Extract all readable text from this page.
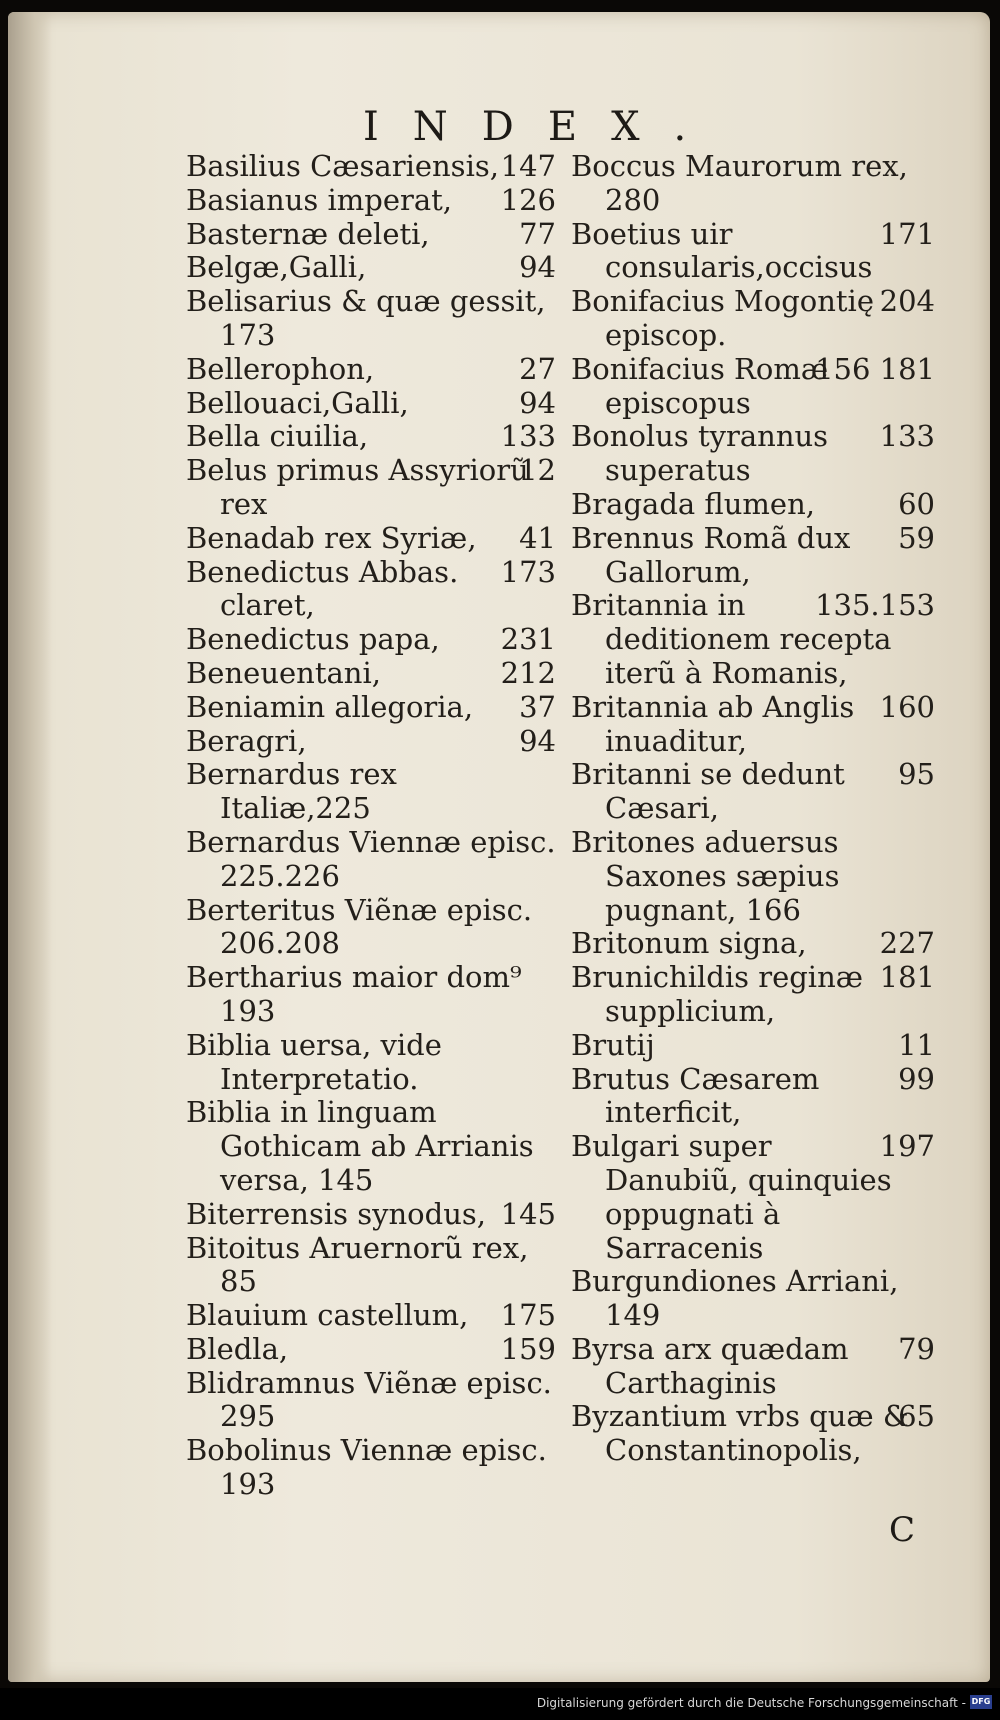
INDEX.

147
Basilius Cæsariensis,

126
Basianus imperat,

77
Basternæ deleti,

94
Belgæ,Galli,

Belisarius & quæ gessit, 173

27
Bellerophon,

94
Bellouaci,Galli,

133
Bella ciuilia,

12
Belus primus Assyriorũ rex

41
Benadab rex Syriæ,

173
Benedictus Abbas. claret,

231
Benedictus papa,

212
Beneuentani,

37
Beniamin allegoria,

94
Beragri,

Bernardus rex Italiæ,225

Bernardus Viennæ episc. 225.226

Berteritus Viẽnæ episc. 206.208

Bertharius maior dom⁹ 193

Biblia uersa, vide Interpretatio.

Biblia in linguam Gothicam ab Arrianis versa, 145

145
Biterrensis synodus,

Bitoitus Aruernorũ rex, 85

175
Blauium castellum,

159
Bledla,

Blidramnus Viẽnæ episc. 295

Bobolinus Viennæ episc. 193

Boccus Maurorum rex, 280

171
Boetius uir consularis,occisus

204
Bonifacius Mogontię episcop.

156 181
Bonifacius Romæ episcopus

133
Bonolus tyrannus superatus

60
Bragada flumen,

59
Brennus Romã dux Gallorum,

135.153
Britannia in deditionem recepta iterũ à Romanis,

160
Britannia ab Anglis inuaditur,

95
Britanni se dedunt Cæsari,

Britones aduersus Saxones sæpius pugnant, 166

227
Britonum signa,

181
Brunichildis reginæ supplicium,

11
Brutij

99
Brutus Cæsarem interficit,

197
Bulgari super Danubiũ, quinquies oppugnati à Sarracenis

Burgundiones Arriani, 149

79
Byrsa arx quædam Carthaginis

65
Byzantium vrbs quæ & Constantinopolis,

C
Digitalisierung gefördert durch die Deutsche Forschungsgemeinschaft - DFG
